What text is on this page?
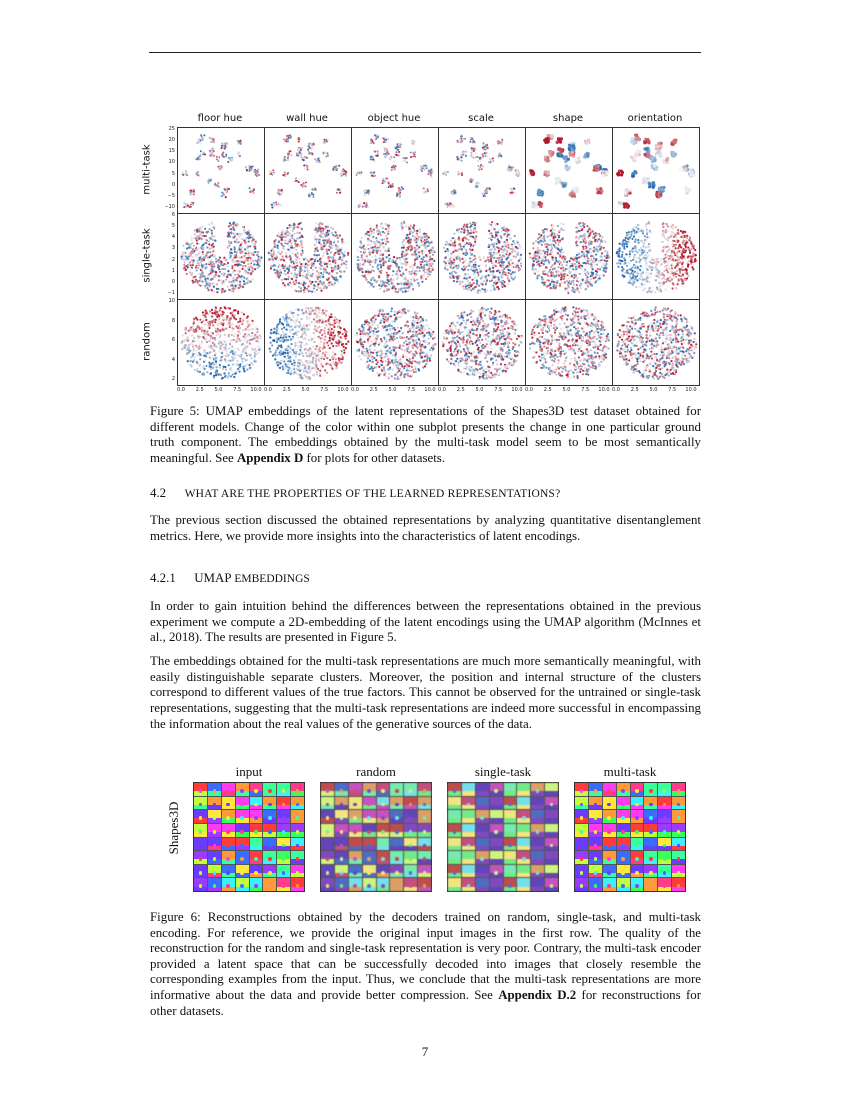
floor hue	wall hue	object hue	scale	shape	orientation
multi-task
single-task
random
25
20
15
10
5
0
−5
−10
6
5
4
3
2
1
0
−1
10
8
6
4
2
0.0	2.5	5.0	7.5	10.0 0.0	2.5	5.0	7.5	10.0 0.0	2.5	5.0	7.5	10.0 0.0	2.5	5.0	7.5	10.0 0.0	2.5	5.0	7.5	10.0 0.0	2.5	5.0	7.5	10.0
Figure 5: UMAP embeddings of the latent representations of the Shapes3D test dataset obtained for different models. Change of the color within one subplot presents the change in one particular ground truth component. The embeddings obtained by the multi-task model seem to be most semantically meaningful. See Appendix D for plots for other datasets.
4.2 WHAT ARE THE PROPERTIES OF THE LEARNED REPRESENTATIONS?
The previous section discussed the obtained representations by analyzing quantitative disentanglement metrics. Here, we provide more insights into the characteristics of latent encodings.
4.2.1 UMAP EMBEDDINGS
In order to gain intuition behind the differences between the representations obtained in the previous experiment we compute a 2D-embedding of the latent encodings using the UMAP algorithm (McInnes et al., 2018). The results are presented in Figure 5.
The embeddings obtained for the multi-task representations are much more semantically meaningful, with easily distinguishable separate clusters. Moreover, the position and internal structure of the clusters correspond to different values of the true factors. This cannot be observed for the untrained or single-task representations, suggesting that the multi-task representations are indeed more successful in encompassing the information about the real values of the generative sources of the data.
Shapes3D
input	random	single-task	multi-task
Figure 6: Reconstructions obtained by the decoders trained on random, single-task, and multi-task encoding. For reference, we provide the original input images in the first row. The quality of the reconstruction for the random and single-task representation is very poor. Contrary, the multi-task encoder provided a latent space that can be successfully decoded into images that closely resemble the corresponding examples from the input. Thus, we conclude that the multi-task representations are more informative about the data and provide better compression. See Appendix D.2 for reconstructions for other datasets.
7
